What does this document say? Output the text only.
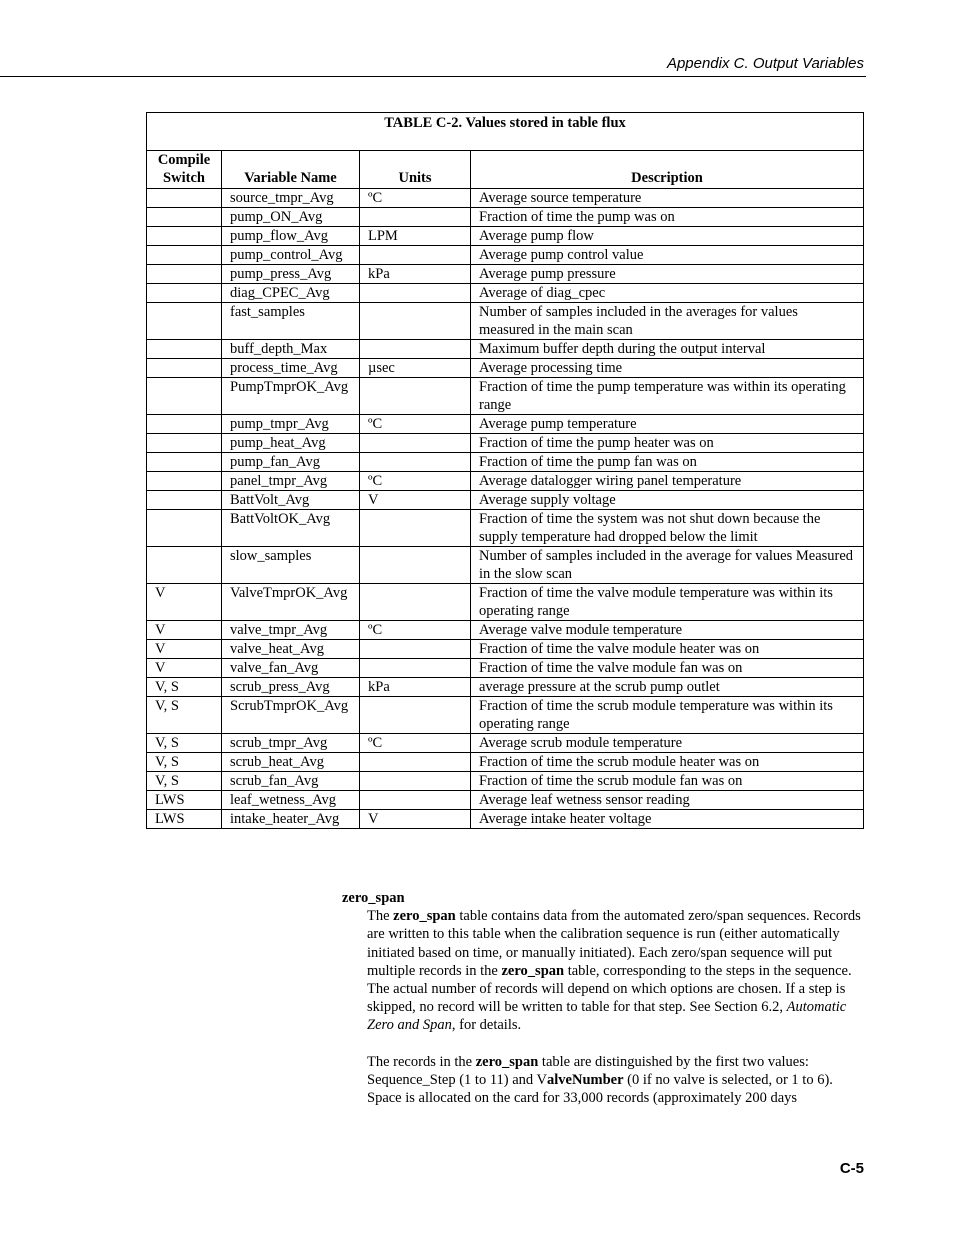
Appendix C. Output Variables
TABLE C-2. Values stored in table flux			
Compile Switch	Variable Name	Units	Description
	source_tmpr_Avg	ºC	Average source temperature
	pump_ON_Avg		Fraction of time the pump was on
	pump_flow_Avg	LPM	Average pump flow
	pump_control_Avg		Average pump control value
	pump_press_Avg	kPa	Average pump pressure
	diag_CPEC_Avg		Average of diag_cpec
	fast_samples		Number of samples included in the averages for values measured in the main scan
	buff_depth_Max		Maximum buffer depth during the output interval
	process_time_Avg	µsec	Average processing time
	PumpTmprOK_Avg		Fraction of time the pump temperature was within its operating range
	pump_tmpr_Avg	ºC	Average pump temperature
	pump_heat_Avg		Fraction of time the pump heater was on
	pump_fan_Avg		Fraction of time the pump fan was on
	panel_tmpr_Avg	ºC	Average datalogger wiring panel temperature
	BattVolt_Avg	V	Average supply voltage
	BattVoltOK_Avg		Fraction of time the system was not shut down because the supply temperature had dropped below the limit
	slow_samples		Number of samples included in the average for values Measured in the slow scan
V	ValveTmprOK_Avg		Fraction of time the valve module temperature was within its operating range
V	valve_tmpr_Avg	ºC	Average valve module temperature
V	valve_heat_Avg		Fraction of time the valve module heater was on
V	valve_fan_Avg		Fraction of time the valve module fan was on
V, S	scrub_press_Avg	kPa	average pressure at the scrub pump outlet
V, S	ScrubTmprOK_Avg		Fraction of time the scrub module temperature was within its operating range
V, S	scrub_tmpr_Avg	ºC	Average scrub module temperature
V, S	scrub_heat_Avg		Fraction of time the scrub module heater was on
V, S	scrub_fan_Avg		Fraction of time the scrub module fan was on
LWS	leaf_wetness_Avg		Average leaf wetness sensor reading
LWS	intake_heater_Avg	V	Average intake heater voltage

zero_span

The zero_span table contains data from the automated zero/span sequences. Records are written to this table when the calibration sequence is run (either automatically initiated based on time, or manually initiated). Each zero/span sequence will put multiple records in the zero_span table, corresponding to the steps in the sequence. The actual number of records will depend on which options are chosen. If a step is skipped, no record will be written to table for that step. See Section 6.2, Automatic Zero and Span, for details.

The records in the zero_span table are distinguished by the first two values: Sequence_Step (1 to 11) and ValveNumber (0 if no valve is selected, or 1 to 6). Space is allocated on the card for 33,000 records (approximately 200 days

C-5
